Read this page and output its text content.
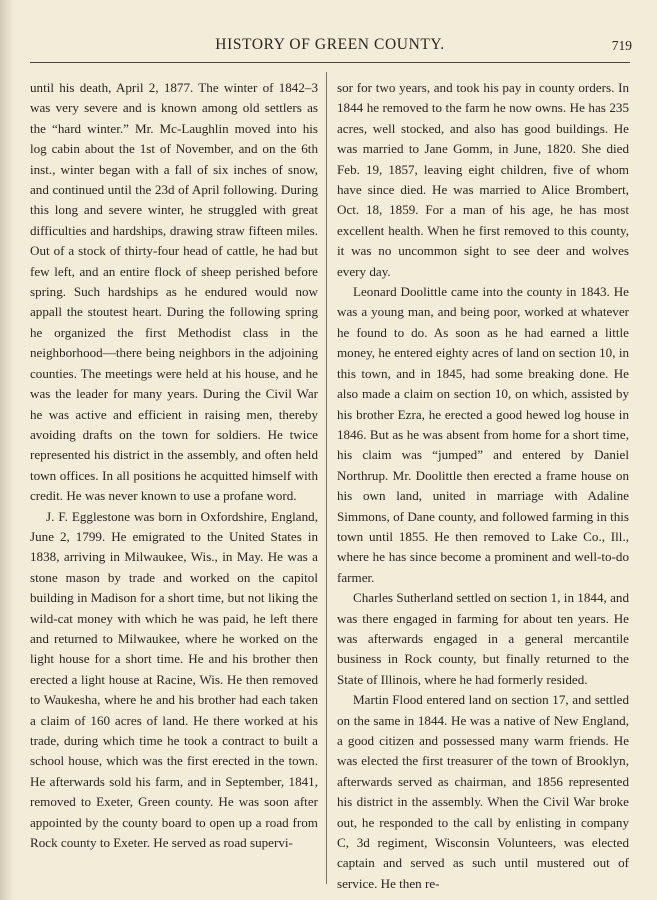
HISTORY OF GREEN COUNTY.	719

until his death, April 2, 1877. The winter of 1842–3 was very severe and is known among old settlers as the “hard winter.” Mr. Mc-Laughlin moved into his log cabin about the 1st of November, and on the 6th inst., winter began with a fall of six inches of snow, and continued until the 23d of April following. During this long and severe winter, he struggled with great difficulties and hardships, drawing straw fifteen miles. Out of a stock of thirty-four head of cattle, he had but few left, and an entire flock of sheep perished before spring. Such hardships as he endured would now appall the stoutest heart. During the following spring he organized the first Methodist class in the neighborhood—there being neighbors in the adjoining counties. The meetings were held at his house, and he was the leader for many years. During the Civil War he was active and efficient in raising men, thereby avoiding drafts on the town for soldiers. He twice represented his district in the assembly, and often held town offices. In all positions he acquitted himself with credit. He was never known to use a profane word.

J. F. Egglestone was born in Oxfordshire, England, June 2, 1799. He emigrated to the United States in 1838, arriving in Milwaukee, Wis., in May. He was a stone mason by trade and worked on the capitol building in Madison for a short time, but not liking the wild-cat money with which he was paid, he left there and returned to Milwaukee, where he worked on the light house for a short time. He and his brother then erected a light house at Racine, Wis. He then removed to Waukesha, where he and his brother had each taken a claim of 160 acres of land. He there worked at his trade, during which time he took a contract to built a school house, which was the first erected in the town. He afterwards sold his farm, and in September, 1841, removed to Exeter, Green county. He was soon after appointed by the county board to open up a road from Rock county to Exeter. He served as road supervi-

sor for two years, and took his pay in county orders. In 1844 he removed to the farm he now owns. He has 235 acres, well stocked, and also has good buildings. He was married to Jane Gomm, in June, 1820. She died Feb. 19, 1857, leaving eight children, five of whom have since died. He was married to Alice Brombert, Oct. 18, 1859. For a man of his age, he has most excellent health. When he first removed to this county, it was no uncommon sight to see deer and wolves every day.

Leonard Doolittle came into the county in 1843. He was a young man, and being poor, worked at whatever he found to do. As soon as he had earned a little money, he entered eighty acres of land on section 10, in this town, and in 1845, had some breaking done. He also made a claim on section 10, on which, assisted by his brother Ezra, he erected a good hewed log house in 1846. But as he was absent from home for a short time, his claim was “jumped” and entered by Daniel Northrup. Mr. Doolittle then erected a frame house on his own land, united in marriage with Adaline Simmons, of Dane county, and followed farming in this town until 1855. He then removed to Lake Co., Ill., where he has since become a prominent and well-to-do farmer.

Charles Sutherland settled on section 1, in 1844, and was there engaged in farming for about ten years. He was afterwards engaged in a general mercantile business in Rock county, but finally returned to the State of Illinois, where he had formerly resided.

Martin Flood entered land on section 17, and settled on the same in 1844. He was a native of New England, a good citizen and possessed many warm friends. He was elected the first treasurer of the town of Brooklyn, afterwards served as chairman, and 1856 represented his district in the assembly. When the Civil War broke out, he responded to the call by enlisting in company C, 3d regiment, Wisconsin Volunteers, was elected captain and served as such until mustered out of service. He then re-
